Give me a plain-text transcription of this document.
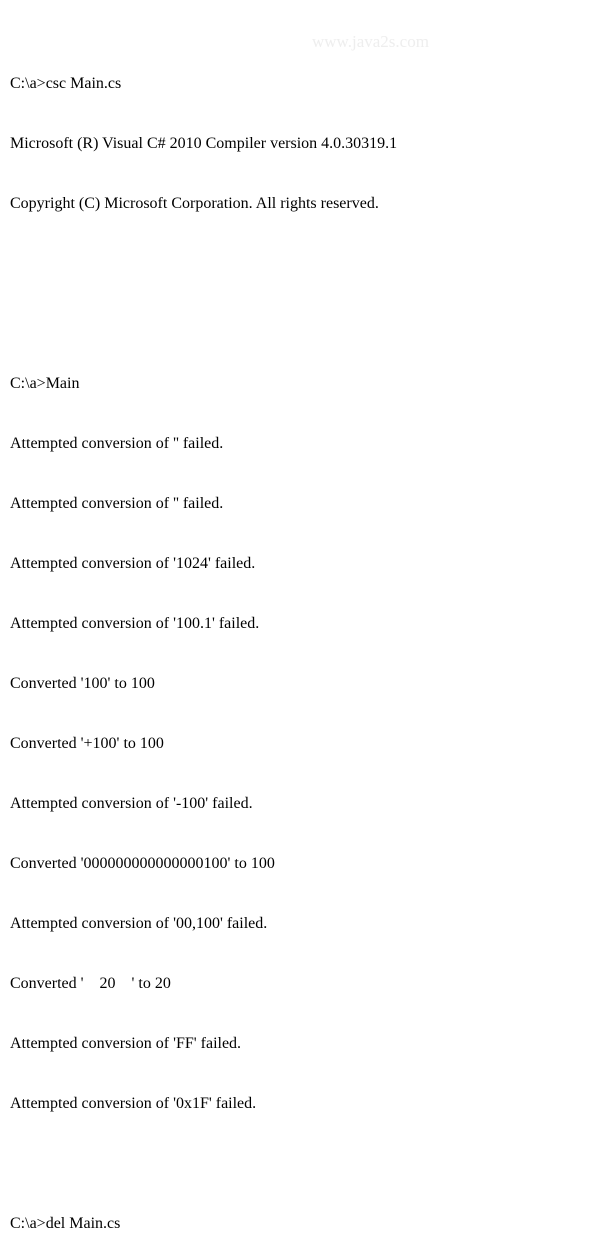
www.java2s.com

C:\a>csc Main.cs

Microsoft (R) Visual C# 2010 Compiler version 4.0.30319.1

Copyright (C) Microsoft Corporation. All rights reserved.

C:\a>Main

Attempted conversion of '' failed.

Attempted conversion of '' failed.

Attempted conversion of '1024' failed.

Attempted conversion of '100.1' failed.

Converted '100' to 100

Converted '+100' to 100

Attempted conversion of '-100' failed.

Converted '000000000000000100' to 100

Attempted conversion of '00,100' failed.

Converted '    20    ' to 20

Attempted conversion of 'FF' failed.

Attempted conversion of '0x1F' failed.

C:\a>del Main.cs
